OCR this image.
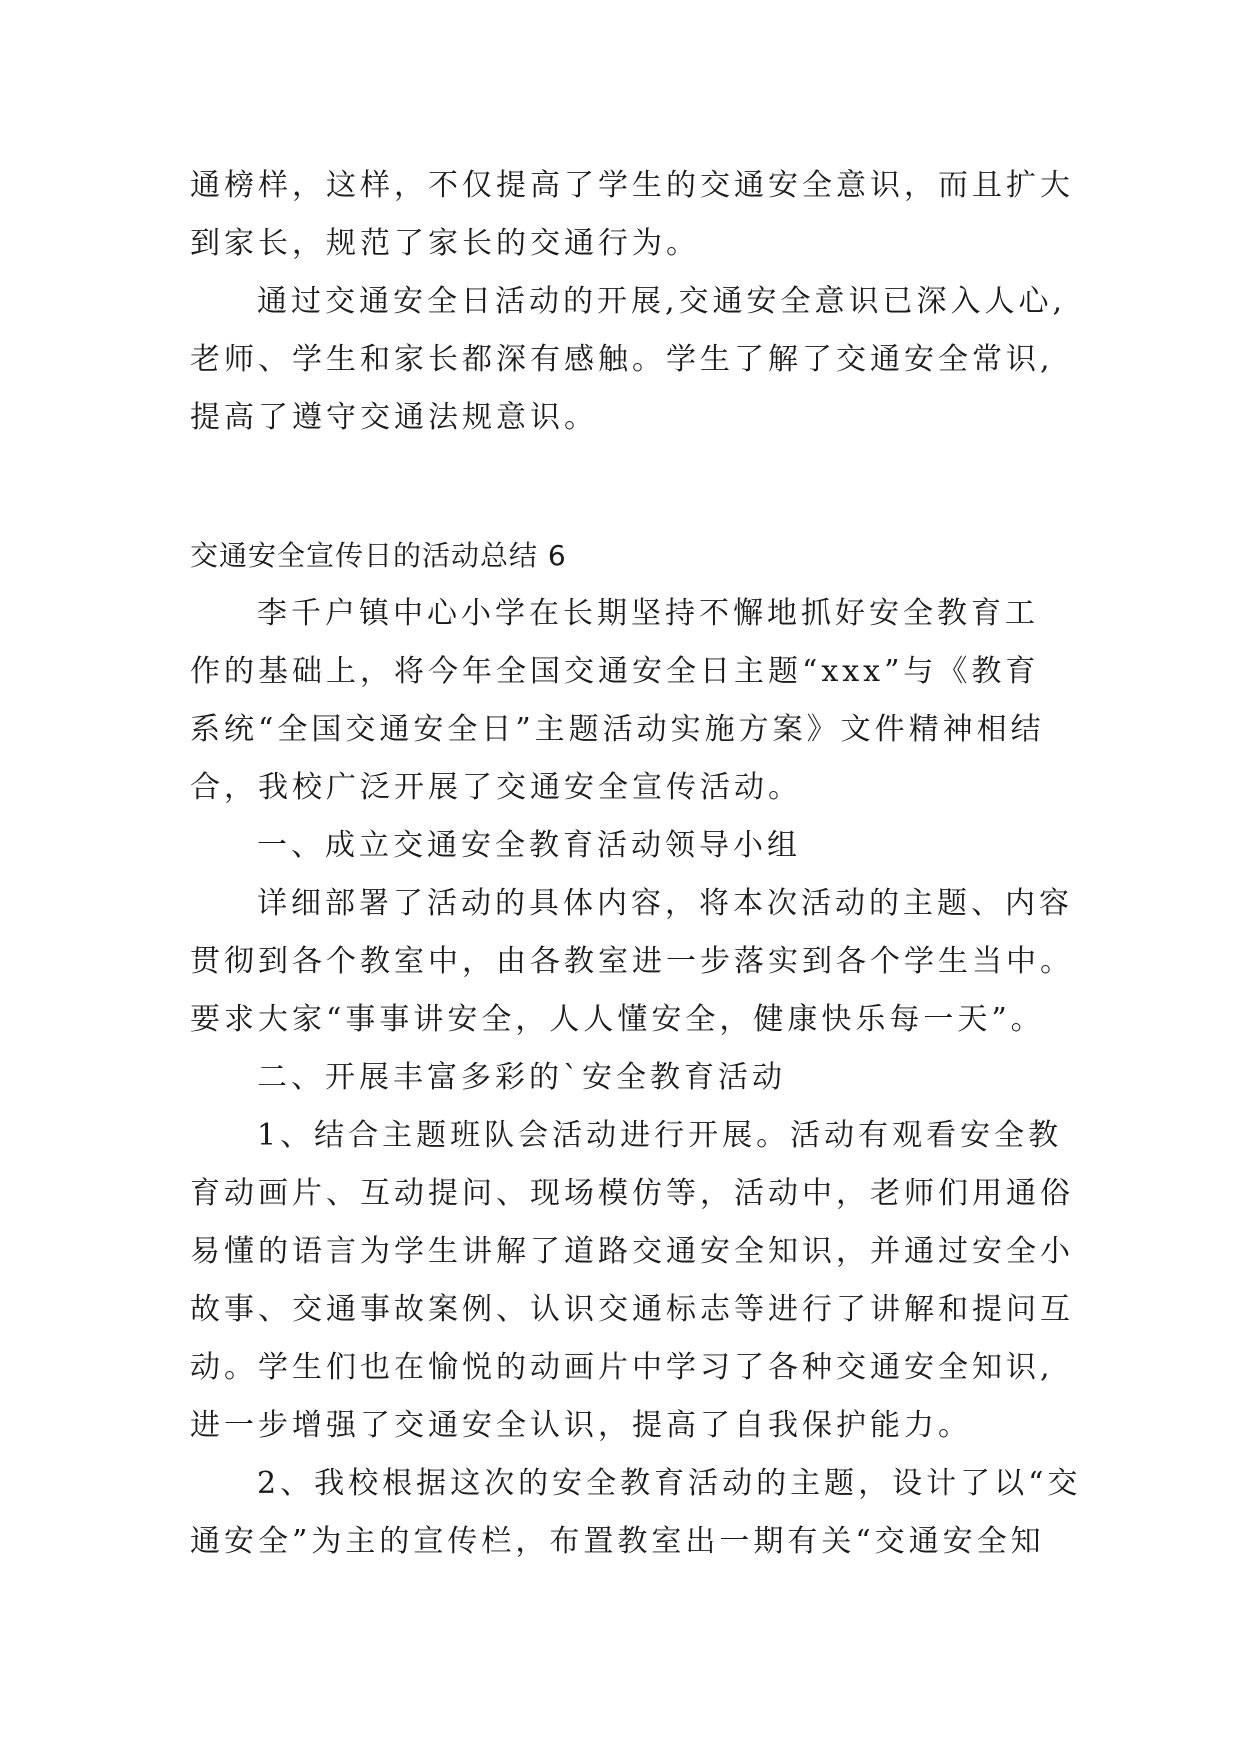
通榜样，这样，不仅提高了学生的交通安全意识，而且扩大
到家长，规范了家长的交通行为。
通过交通安全日活动的开展,交通安全意识已深入人心,
老师、学生和家长都深有感触。学生了解了交通安全常识,
提高了遵守交通法规意识。
交通安全宣传日的活动总结 6
李千户镇中心小学在长期坚持不懈地抓好安全教育工
作的基础上，将今年全国交通安全日主题“xxx”与《教育
系统“全国交通安全日”主题活动实施方案》文件精神相结
合，我校广泛开展了交通安全宣传活动。
一、成立交通安全教育活动领导小组
详细部署了活动的具体内容，将本次活动的主题、内容
贯彻到各个教室中，由各教室进一步落实到各个学生当中。
要求大家“事事讲安全，人人懂安全，健康快乐每一天”。
二、开展丰富多彩的`安全教育活动
1、结合主题班队会活动进行开展。活动有观看安全教
育动画片、互动提问、现场模仿等，活动中，老师们用通俗
易懂的语言为学生讲解了道路交通安全知识，并通过安全小
故事、交通事故案例、认识交通标志等进行了讲解和提问互
动。学生们也在愉悦的动画片中学习了各种交通安全知识,
进一步增强了交通安全认识，提高了自我保护能力。
2、我校根据这次的安全教育活动的主题，设计了以“交
通安全”为主的宣传栏，布置教室出一期有关“交通安全知
